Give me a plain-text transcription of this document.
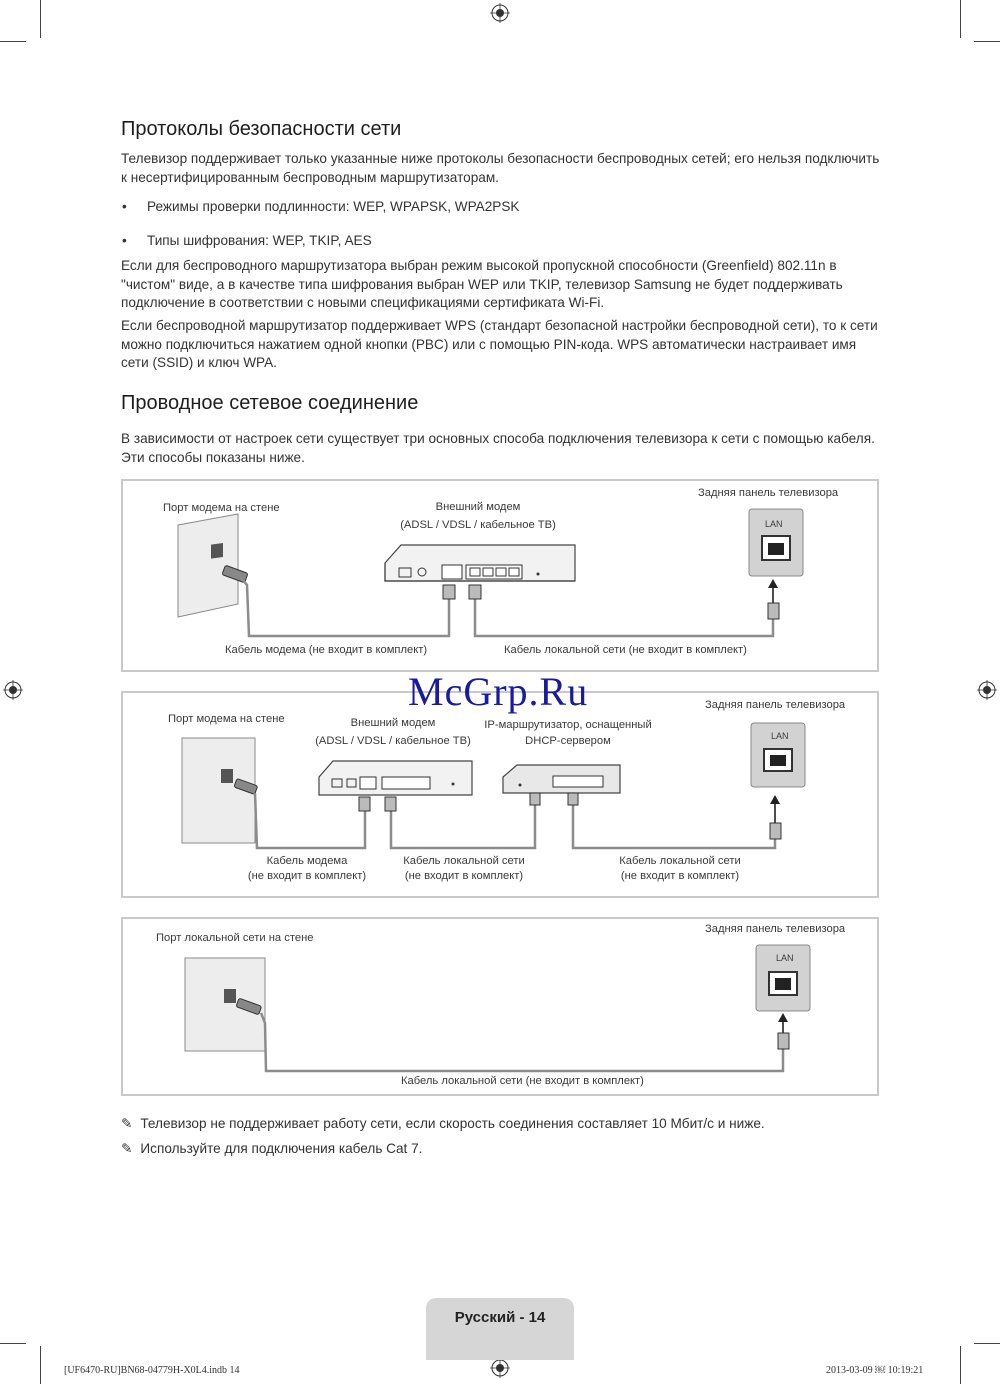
Протоколы безопасности сети
Телевизор поддерживает только указанные ниже протоколы безопасности беспроводных сетей; его нельзя подключить к несертифицированным беспроводным маршрутизаторам.
• Режимы проверки подлинности: WEP, WPAPSK, WPA2PSK
• Типы шифрования: WEP, TKIP, AES
Если для беспроводного маршрутизатора выбран режим высокой пропускной способности (Greenfield) 802.11n в "чистом" виде, а в качестве типа шифрования выбран WEP или TKIP, телевизор Samsung не будет поддерживать подключение в соответствии с новыми спецификациями сертификата Wi-Fi.
Если беспроводной маршрутизатор поддерживает WPS (стандарт безопасной настройки беспроводной сети), то к сети можно подключиться нажатием одной кнопки (PBC) или с помощью PIN-кода. WPS автоматически настраивает имя сети (SSID) и ключ WPA.
Проводное сетевое соединение
В зависимости от настроек сети существует три основных способа подключения телевизора к сети с помощью кабеля. Эти способы показаны ниже.
Порт модема на стене	Внешний модем
(ADSL / VDSL / кабельное ТВ)
Задняя панель телевизора
LAN
Кабель модема (не входит в комплект)	Кабель локальной сети (не входит в комплект)
Порт модема на стене	Внешний модем
(ADSL / VDSL / кабельное ТВ)
IP-маршрутизатор, оснащенный
DHCP-сервером
Задняя панель телевизора
LAN
Кабель модема
(не входит в комплект)
Кабель локальной сети
(не входит в комплект)
Кабель локальной сети
(не входит в комплект)
Порт локальной сети на стене
Задняя панель телевизора
LAN
Кабель локальной сети (не входит в комплект)
McGrp.Ru
✎ Телевизор не поддерживает работу сети, если скорость соединения составляет 10 Мбит/с и ниже.
✎ Используйте для подключения кабель Cat 7.
Русский - 14
[UF6470-RU]BN68-04779H-X0L4.indb 14	2013-03-09 ￼ 10:19:21
